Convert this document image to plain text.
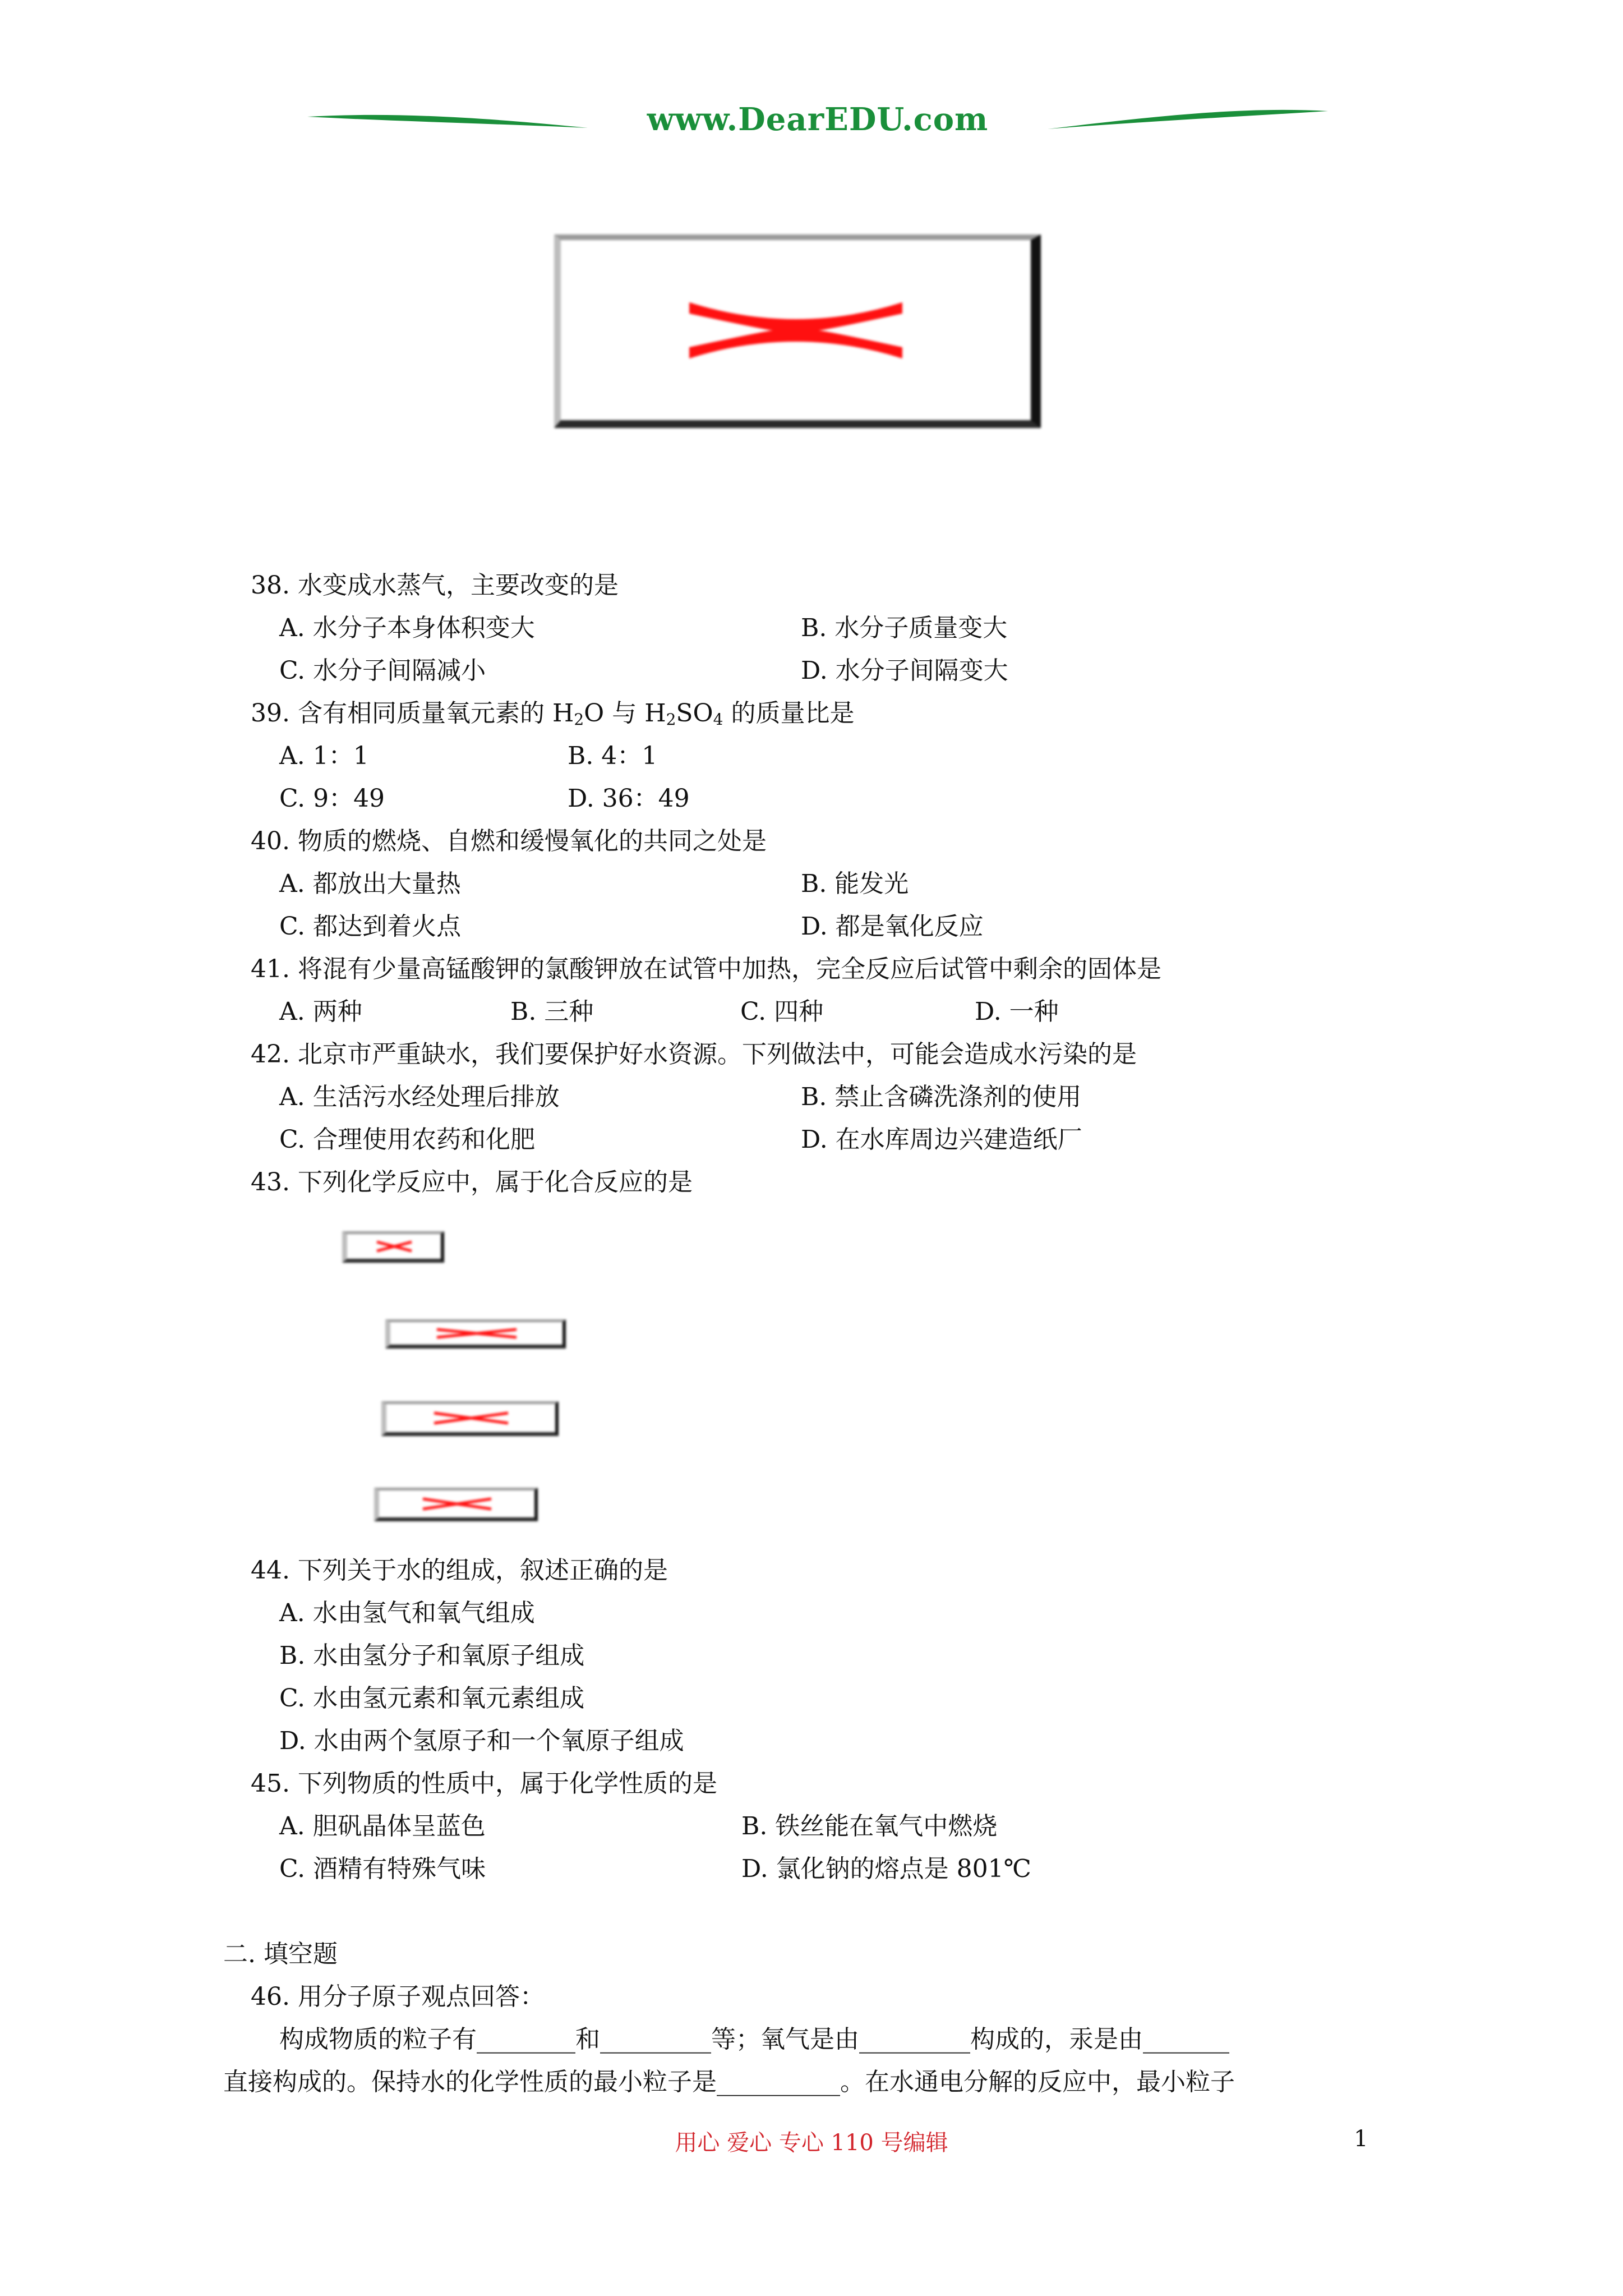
www.DearEDU.com
38. 水变成水蒸气，主要改变的是
A. 水分子本身体积变大	B. 水分子质量变大
C. 水分子间隔减小	D. 水分子间隔变大
39. 含有相同质量氧元素的 $H_2O$ 与 $H_2SO_4$ 的质量比是
A. 1：1	B. 4：1
C. 9：49	D. 36：49
40. 物质的燃烧、自燃和缓慢氧化的共同之处是
A. 都放出大量热	B. 能发光
C. 都达到着火点	D. 都是氧化反应
41. 将混有少量高锰酸钾的氯酸钾放在试管中加热，完全反应后试管中剩余的固体是
A. 两种	B. 三种	C. 四种	D. 一种
42. 北京市严重缺水，我们要保护好水资源。下列做法中，可能会造成水污染的是
A. 生活污水经处理后排放	B. 禁止含磷洗涤剂的使用
C. 合理使用农药和化肥	D. 在水库周边兴建造纸厂
43. 下列化学反应中，属于化合反应的是
44. 下列关于水的组成，叙述正确的是
A. 水由氢气和氧气组成
B. 水由氢分子和氧原子组成
C. 水由氢元素和氧元素组成
D. 水由两个氢原子和一个氧原子组成
45. 下列物质的性质中，属于化学性质的是
A. 胆矾晶体呈蓝色	B. 铁丝能在氧气中燃烧
C. 酒精有特殊气味	D. 氯化钠的熔点是 801℃
二. 填空题
46. 用分子原子观点回答：
构成物质的粒子有________和_________等；氧气是由_________构成的，汞是由_______
直接构成的。保持水的化学性质的最小粒子是__________。在水通电分解的反应中，最小粒子
用心 爱心 专心 110 号编辑	1
